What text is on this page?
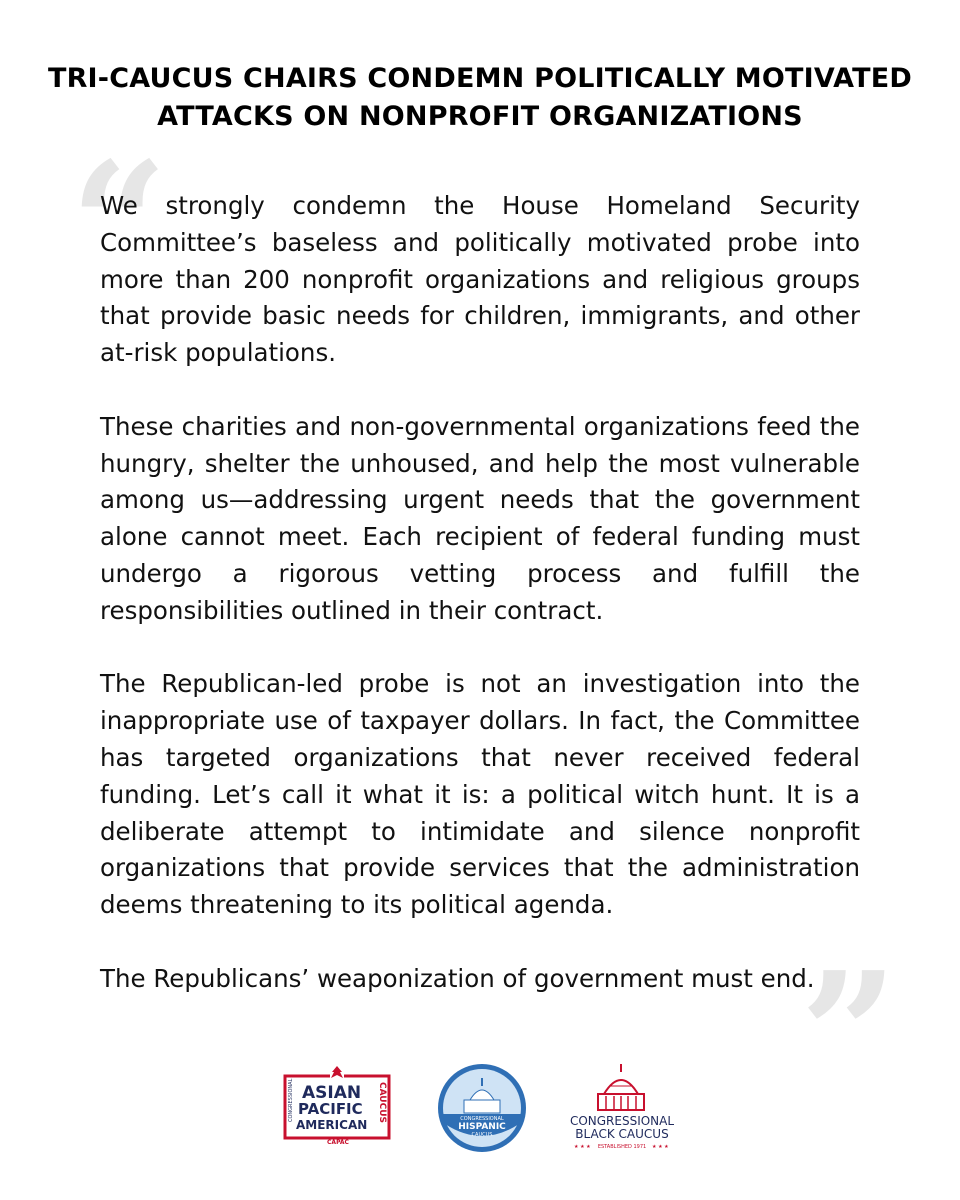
TRI-CAUCUS CHAIRS CONDEMN POLITICALLY MOTIVATED
ATTACKS ON NONPROFIT ORGANIZATIONS
“

We strongly condemn the House Homeland Security Committee’s baseless and politically motivated probe into more than 200 nonprofit organizations and religious groups that provide basic needs for children, immigrants, and other at-risk populations.

These charities and non-governmental organizations feed the hungry, shelter the unhoused, and help the most vulnerable among us—addressing urgent needs that the government alone cannot meet. Each recipient of federal funding must undergo a rigorous vetting process and fulfill the responsibilities outlined in their contract.

The Republican-led probe is not an investigation into the inappropriate use of taxpayer dollars. In fact, the Committee has targeted organizations that never received federal funding. Let’s call it what it is: a political witch hunt. It is a deliberate attempt to intimidate and silence nonprofit organizations that provide services that the administration deems threatening to its political agenda.

The Republicans’ weaponization of government must end.

”
CONGRESSIONAL ASIAN
PACIFIC
AMERICAN
CAUCUS
CAPAC
CONGRESSIONAL
HISPANIC
CAUCUS
CONGRESSIONAL
BLACK CAUCUS
ESTABLISHED 1971
★ ★ ★	★ ★ ★
